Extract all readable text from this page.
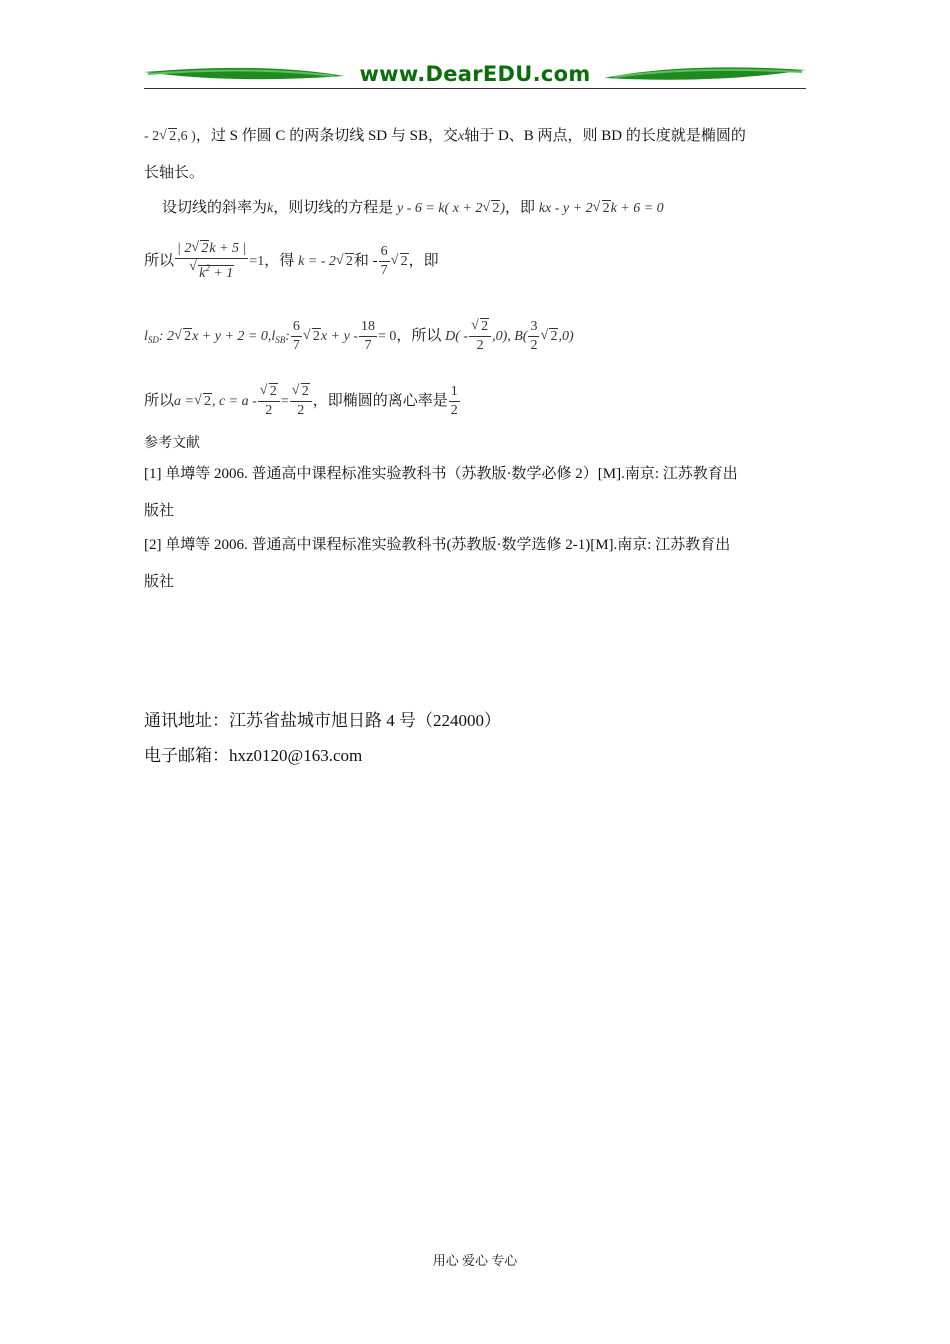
www.DearEDU.com
- 2 √ 2,6 )，过 S 作圆 C 的两条切线 SD 与 SB，交x轴于 D、B 两点，则 BD 的长度就是椭圆的
长轴长。
设切线的斜率为k，则切线的方程是 y - 6 = k( x + 2 √ 2)，即 kx - y + 2 √ 2k + 6 = 0
所以 | 2 √ 2k + 5 |
√ $k^2 + 1 =1$，得 k = - 2 √ 2和 - $\frac{6}{7}$ √ 2，即
$l_{SD}$: 2 √ $2x + y + 2 = 0,l_{SB}$: $\frac{6}{7}$ √ $2x + y - \frac{18}{7} = 0$，所以 D( - √ $\frac{2}{2} ,0$), $B( \frac{3}{2}$ √ 2,0)
所以a = √ 2, c = a - √ $\frac{2}{2}$ = √ $\frac{2}{2}$ ，即椭圆的离心率是 $\frac{1}{2}$
参考文献
[1] 单墫等 2006. 普通高中课程标准实验教科书（苏教版·数学必修 2）[M].南京: 江苏教育出
版社
[2] 单墫等 2006. 普通高中课程标准实验教科书(苏教版·数学选修 2-1)[M].南京: 江苏教育出
版社
通讯地址：江苏省盐城市旭日路 4 号（224000）
电子邮箱：hxz0120@163.com
用心 爱心 专心
